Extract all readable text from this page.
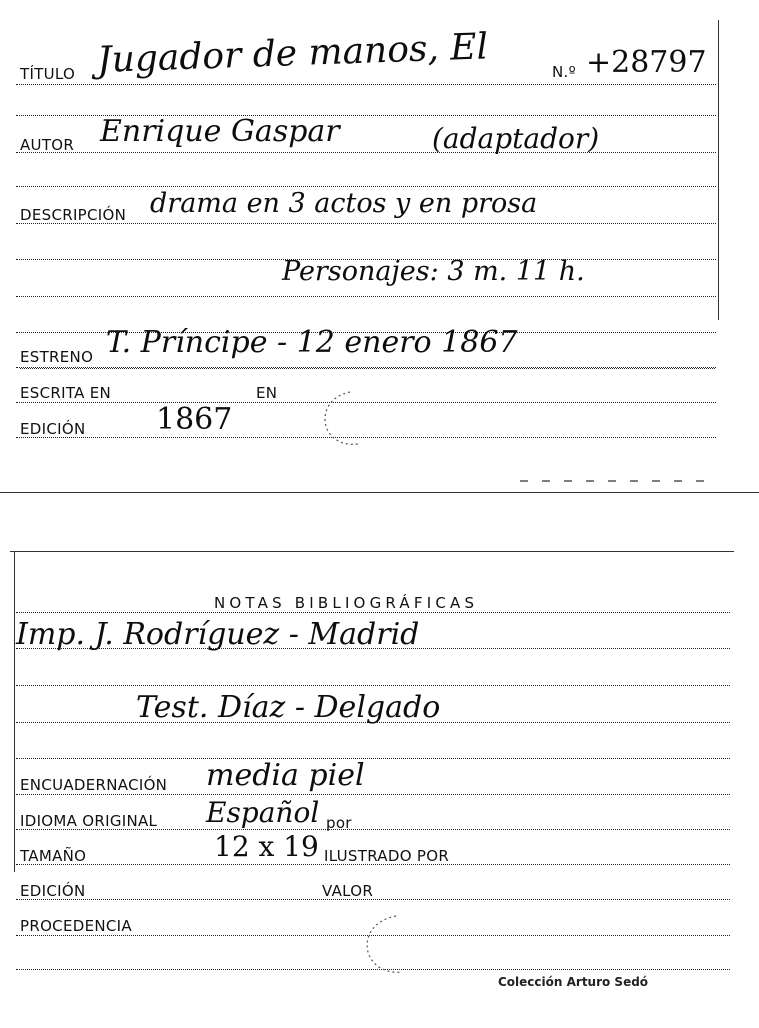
TÍTULO Jugador de manos, El	N.º +28797
AUTOR Enrique Gaspar	(adaptador)
DESCRIPCIÓN drama en 3 actos y en prosa
Personajes: 3 m. 11 h.
ESTRENO T. Príncipe - 12 enero 1867
ESCRITA EN	EN
EDICIÓN 1867
NOTAS BIBLIOGRÁFICAS
Imp. J. Rodríguez - Madrid
Test. Díaz - Delgado
ENCUADERNACIÓN media piel
IDIOMA ORIGINAL Español por
TAMAÑO	12 x 19 ILUSTRADO POR
EDICIÓN	VALOR
PROCEDENCIA
Colección Arturo Sedó
